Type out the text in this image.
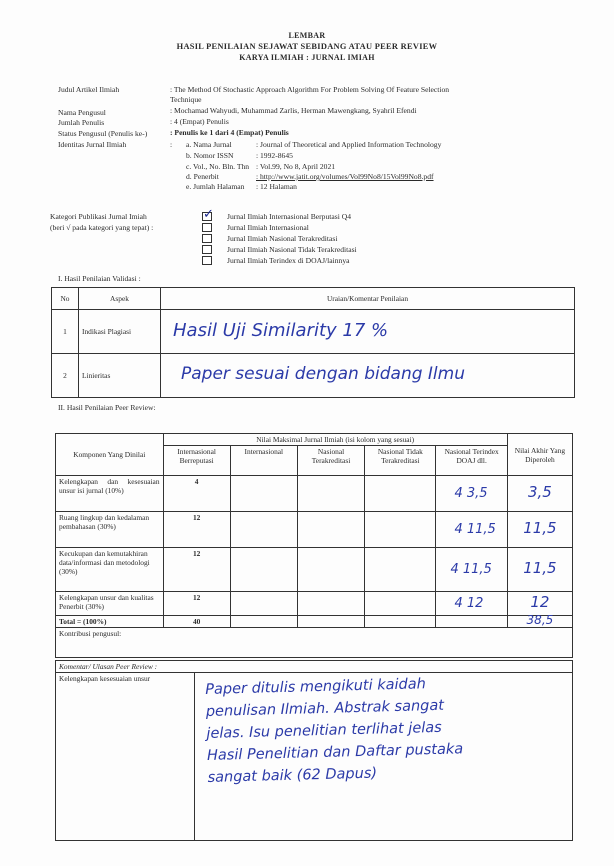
LEMBAR
HASIL PENILAIAN SEJAWAT SEBIDANG ATAU PEER REVIEW
KARYA ILMIAH : JURNAL IMIAH
Judul Artikel Ilmiah	: The Method Of Stochastic Approach Algorithm For Problem Solving Of Feature Selection
Technique
Nama Pengusul	: Mochamad Wahyudi, Muhammad Zarlis, Herman Mawengkang, Syahril Efendi
Jumlah Penulis	: 4 (Empat) Penulis
Status Pengusul (Penulis ke-)	: Penulis ke 1 dari 4 (Empat) Penulis
Identitas Jurnal Ilmiah	: a. Nama Jurnal	: Journal of Theoretical and Applied Information Technology
b. Nomor ISSN	: 1992-8645
c. Vol., No. Bln. Thn : Vol.99, No 8, April 2021
d. Penerbit	: http://www.jatit.org/volumes/Vol99No8/15Vol99No8.pdf
e. Jumlah Halaman : 12 Halaman
Kategori Publikasi Jurnal Imiah
(beri √ pada kategori yang tepat) :
✓ Jurnal Ilmiah Internasional Berputasi Q4
Jurnal Ilmiah Internasional
Jurnal Ilmiah Nasional Terakreditasi
Jurnal Ilmiah Nasional Tidak Terakreditasi
Jurnal Ilmiah Terindex di DOAJ/lainnya
I. Hasil Penilaian Validasi :
No	Aspek	Uraian/Komentar Penilaian
1	Indikasi Plagiasi	Hasil Uji Similarity 17 %
2	Linieritas	Paper sesuai dengan bidang Ilmu
II. Hasil Penilaian Peer Review:
Komponen Yang Dinilai	Nilai Maksimal Jurnal Ilmiah (isi kolom yang sesuai)					Nilai Akhir Yang Diperoleh
	Internasional Berreputasi	Internasional	Nasional Terakreditasi	Nasional Tidak Terakreditasi	Nasional Terindex DOAJ dll.	
Kelengkapan dan kesesuaian unsur isi jurnal (10%)	4				4 3,5	3,5
Ruang lingkup dan kedalaman pembahasan (30%)	12				4 11,5	11,5
Kecukupan dan kemutakhiran data/informasi dan metodologi (30%)	12				4 11,5	11,5
Kelengkapan unsur dan kualitas Penerbit (30%)	12				4 12	12
Total = (100%)	40					38,5
Kontribusi pengusul:						
Komentar/ Ulasan Peer Review :
Kelengkapan kesesuaian unsur	Paper ditulis mengikuti kaidah
penulisan Ilmiah. Abstrak sangat
jelas. Isu penelitian terlihat jelas
Hasil Penelitian dan Daftar pustaka
sangat baik (62 Dapus)
